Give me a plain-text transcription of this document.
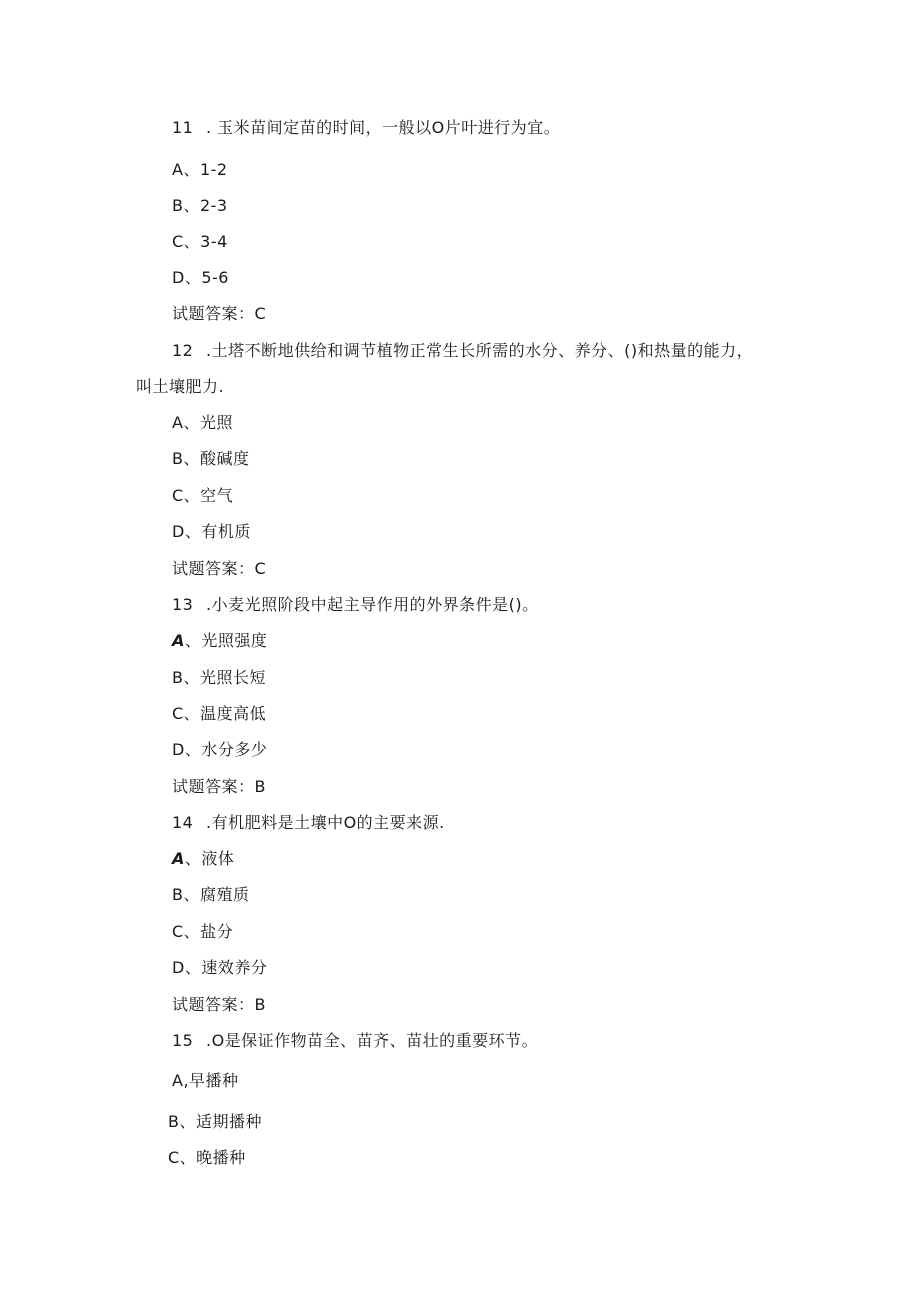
11 . 玉米苗间定苗的时间，一般以O片叶进行为宜。
A、1-2
B、2-3
C、3-4
D、5-6
试题答案：C
12 .土塔不断地供给和调节植物正常生长所需的水分、养分、()和热量的能力，
叫土壤肥力.
A、光照
B、酸碱度
C、空气
D、有机质
试题答案：C
13 .小麦光照阶段中起主导作用的外界条件是()。
A、光照强度
B、光照长短
C、温度高低
D、水分多少
试题答案：B
14 .有机肥料是土壤中O的主要来源.
A、液体
B、腐殖质
C、盐分
D、速效养分
试题答案：B
15 .O是保证作物苗全、苗齐、苗壮的重要环节。
A,早播种
B、适期播种
C、晚播种
